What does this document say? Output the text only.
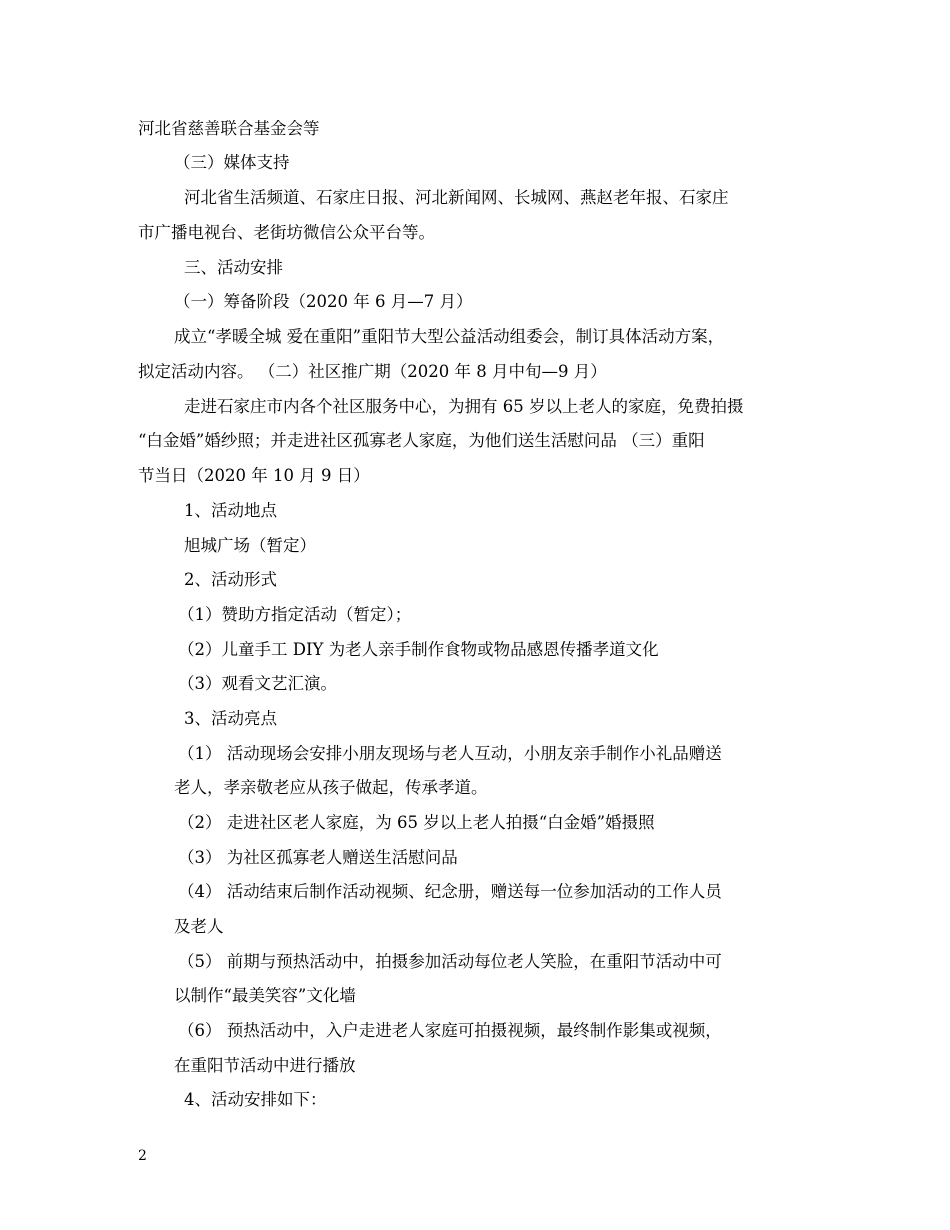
河北省慈善联合基金会等

（三）媒体支持

河北省生活频道、石家庄日报、河北新闻网、长城网、燕赵老年报、石家庄

市广播电视台、老街坊微信公众平台等。

三、活动安排

（一）筹备阶段（2020 年 6 月—7 月）

成立“孝暖全城 爱在重阳”重阳节大型公益活动组委会，制订具体活动方案，

拟定活动内容。 （二）社区推广期（2020 年 8 月中旬—9 月）

走进石家庄市内各个社区服务中心，为拥有 65 岁以上老人的家庭，免费拍摄

“白金婚”婚纱照；并走进社区孤寡老人家庭，为他们送生活慰问品 （三）重阳

节当日（2020 年 10 月 9 日）

1、活动地点

旭城广场（暂定）

2、活动形式

（1）赞助方指定活动（暂定）；

（2）儿童手工 DIY 为老人亲手制作食物或物品感恩传播孝道文化

（3）观看文艺汇演。

3、活动亮点

（1） 活动现场会安排小朋友现场与老人互动，小朋友亲手制作小礼品赠送

老人，孝亲敬老应从孩子做起，传承孝道。

（2） 走进社区老人家庭，为 65 岁以上老人拍摄“白金婚”婚摄照

（3） 为社区孤寡老人赠送生活慰问品

（4） 活动结束后制作活动视频、纪念册，赠送每一位参加活动的工作人员

及老人

（5） 前期与预热活动中，拍摄参加活动每位老人笑脸，在重阳节活动中可

以制作“最美笑容”文化墙

（6） 预热活动中，入户走进老人家庭可拍摄视频，最终制作影集或视频，

在重阳节活动中进行播放

4、活动安排如下：

2
